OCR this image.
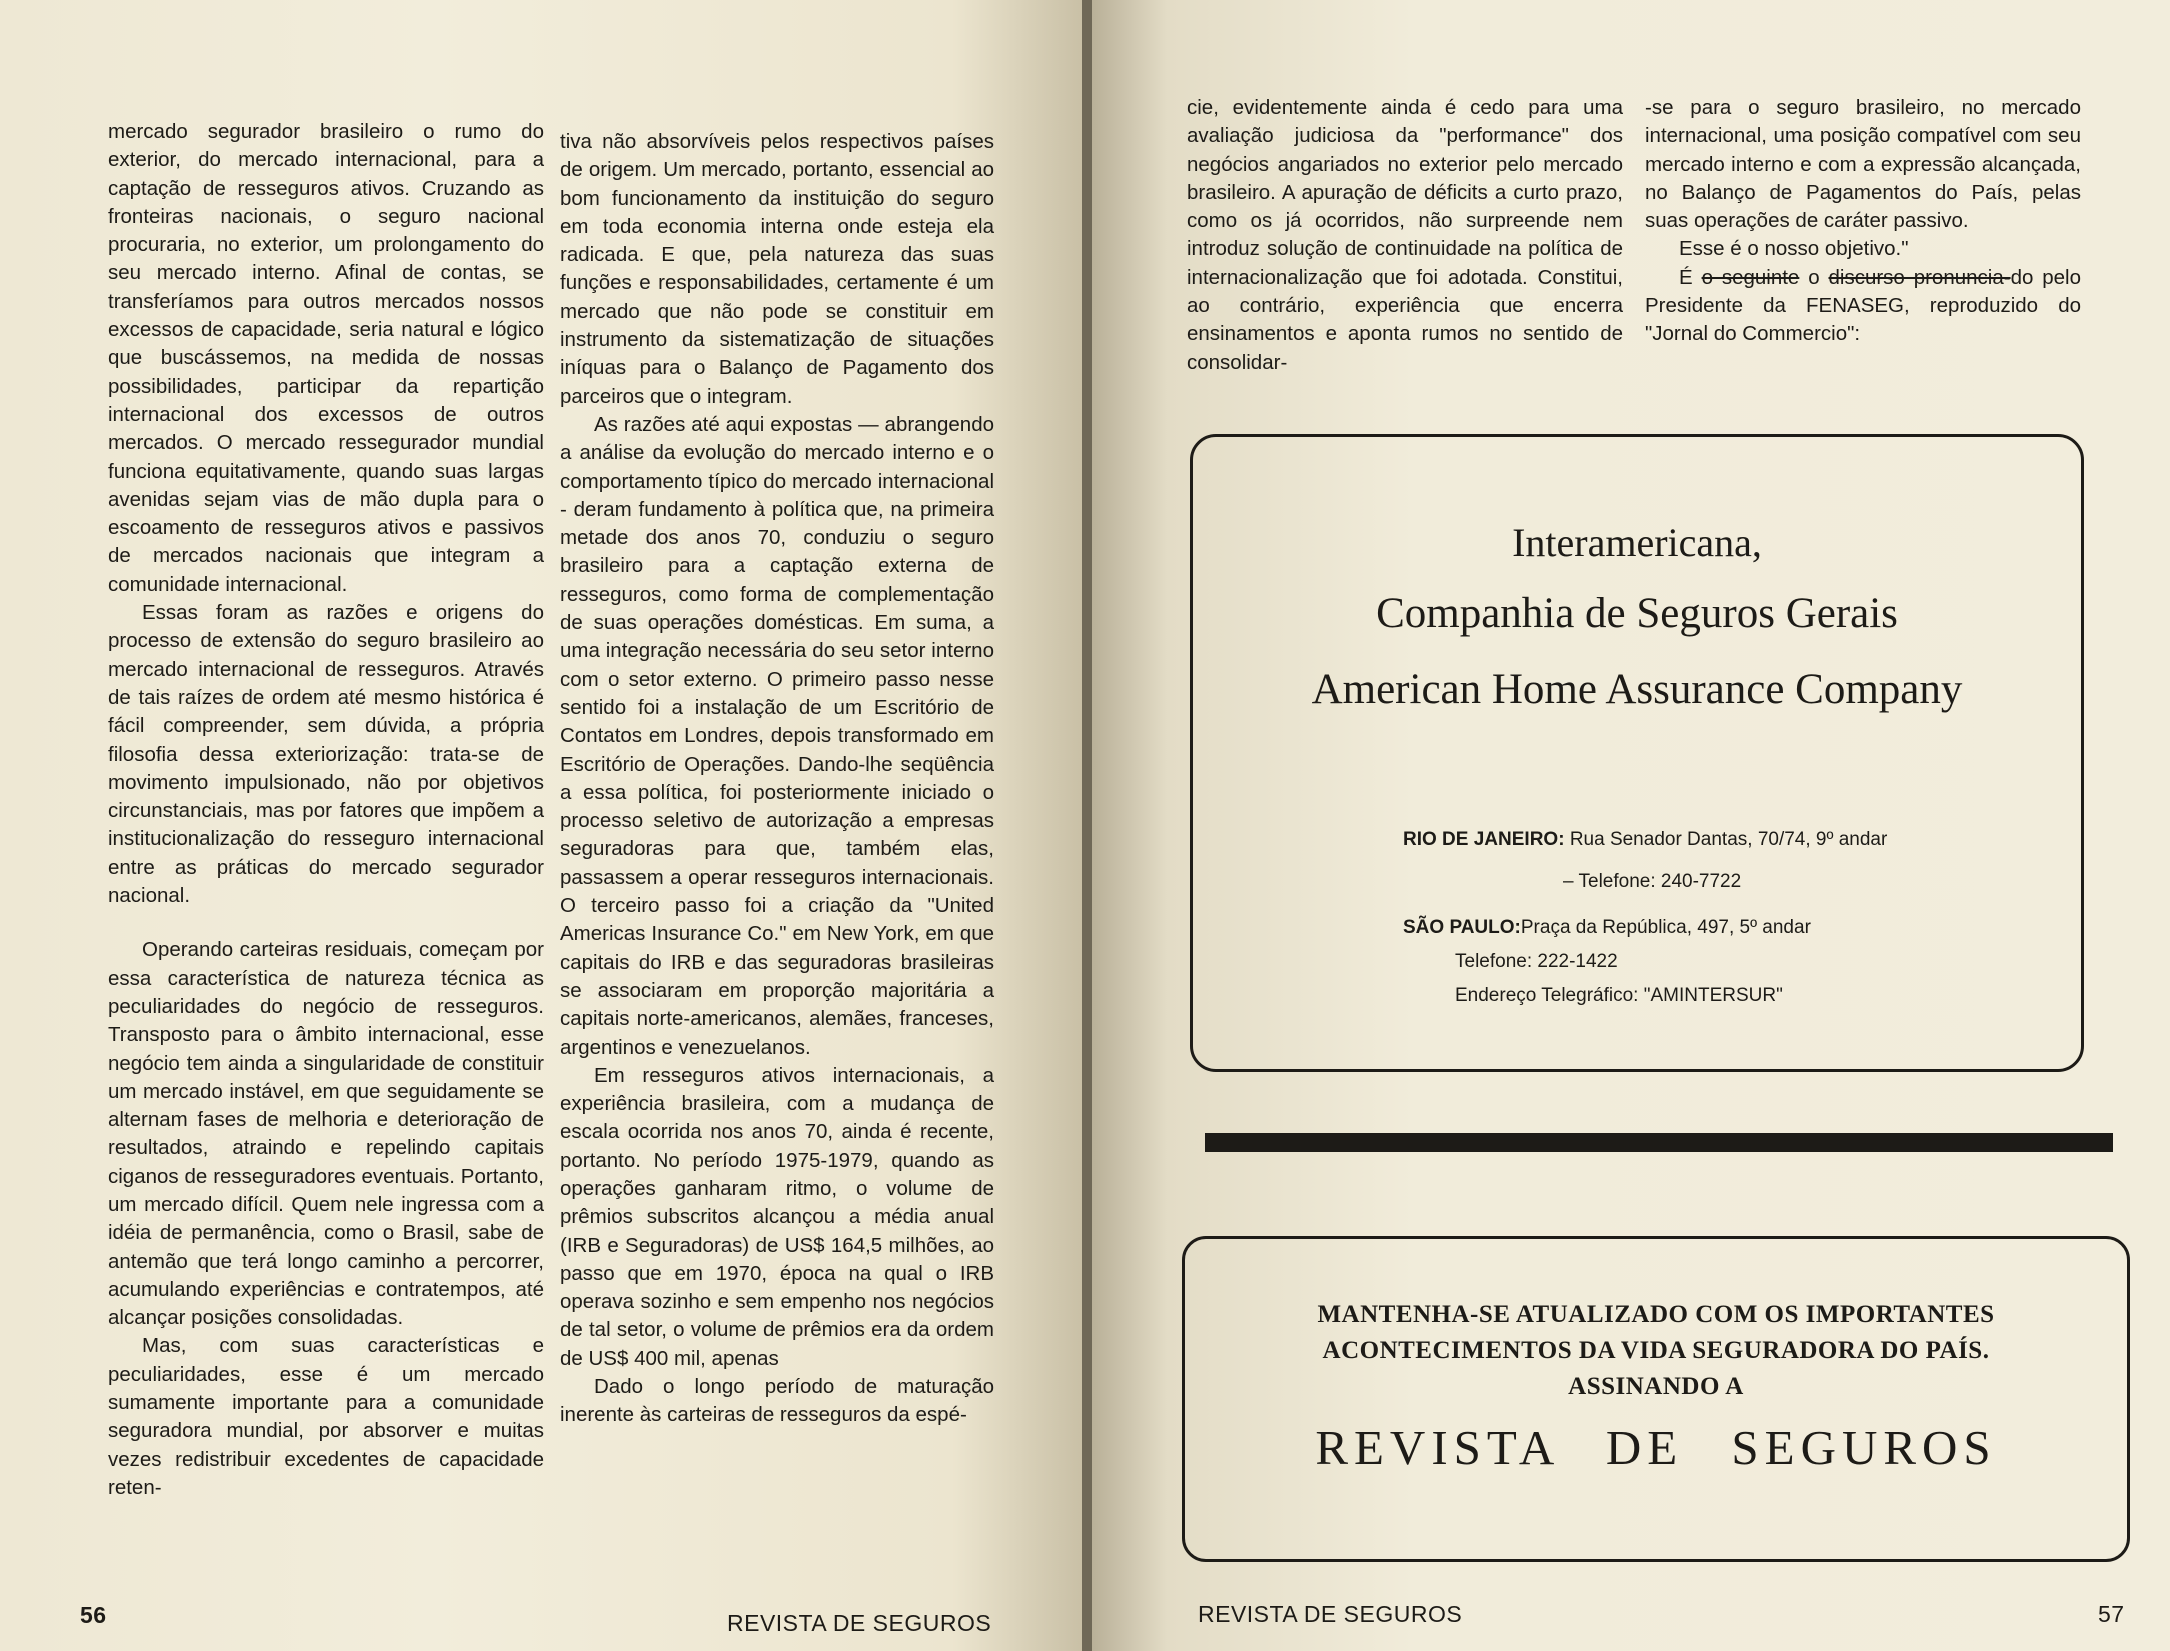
mercado segurador brasileiro o rumo do exterior, do mercado internacional, para a captação de resseguros ativos. Cruzando as fronteiras nacionais, o seguro nacional procuraria, no exterior, um prolongamento do seu mercado interno. Afinal de contas, se transferíamos para outros mercados nossos excessos de capacidade, seria natural e lógico que buscássemos, na medida de nossas possibilidades, participar da repartição internacional dos excessos de outros mercados. O mercado ressegurador mundial funciona equitativamente, quando suas largas avenidas sejam vias de mão dupla para o escoamento de resseguros ativos e passivos de mercados nacionais que integram a comunidade internacional.

Essas foram as razões e origens do processo de extensão do seguro brasileiro ao mercado internacional de resseguros. Através de tais raízes de ordem até mesmo histórica é fácil compreender, sem dúvida, a própria filosofia dessa exteriorização: trata-se de movimento impulsionado, não por objetivos circunstanciais, mas por fatores que impõem a institucionalização do resseguro internacional entre as práticas do mercado segurador nacional.

Operando carteiras residuais, começam por essa característica de natureza técnica as peculiaridades do negócio de resseguros. Transposto para o âmbito internacional, esse negócio tem ainda a singularidade de constituir um mercado instável, em que seguidamente se alternam fases de melhoria e deterioração de resultados, atraindo e repelindo capitais ciganos de resseguradores eventuais. Portanto, um mercado difícil. Quem nele ingressa com a idéia de permanência, como o Brasil, sabe de antemão que terá longo caminho a percorrer, acumulando experiências e contratempos, até alcançar posições consolidadas.

Mas, com suas características e peculiaridades, esse é um mercado sumamente importante para a comunidade seguradora mundial, por absorver e muitas vezes redistribuir excedentes de capacidade reten-

tiva não absorvíveis pelos respectivos países de origem. Um mercado, portanto, essencial ao bom funcionamento da instituição do seguro em toda economia interna onde esteja ela radicada. E que, pela natureza das suas funções e responsabilidades, certamente é um mercado que não pode se constituir em instrumento da sistematização de situações iníquas para o Balanço de Pagamento dos parceiros que o integram.

As razões até aqui expostas — abrangendo a análise da evolução do mercado interno e o comportamento típico do mercado internacional - deram fundamento à política que, na primeira metade dos anos 70, conduziu o seguro brasileiro para a captação externa de resseguros, como forma de complementação de suas operações domésticas. Em suma, a uma integração necessária do seu setor interno com o setor externo. O primeiro passo nesse sentido foi a instalação de um Escritório de Contatos em Londres, depois transformado em Escritório de Operações. Dando-lhe seqüência a essa política, foi posteriormente iniciado o processo seletivo de autorização a empresas seguradoras para que, também elas, passassem a operar resseguros internacionais. O terceiro passo foi a criação da "United Americas Insurance Co." em New York, em que capitais do IRB e das seguradoras brasileiras se associaram em proporção majoritária a capitais norte-americanos, alemães, franceses, argentinos e venezuelanos.

Em resseguros ativos internacionais, a experiência brasileira, com a mudança de escala ocorrida nos anos 70, ainda é recente, portanto. No período 1975-1979, quando as operações ganharam ritmo, o volume de prêmios subscritos alcançou a média anual (IRB e Seguradoras) de US$ 164,5 milhões, ao passo que em 1970, época na qual o IRB operava sozinho e sem empenho nos negócios de tal setor, o volume de prêmios era da ordem de US$ 400 mil, apenas

Dado o longo período de maturação inerente às carteiras de resseguros da espé-

56	REVISTA DE SEGUROS

cie, evidentemente ainda é cedo para uma avaliação judiciosa da "performance" dos negócios angariados no exterior pelo mercado brasileiro. A apuração de déficits a curto prazo, como os já ocorridos, não surpreende nem introduz solução de continuidade na política de internacionalização que foi adotada. Constitui, ao contrário, experiência que encerra ensinamentos e aponta rumos no sentido de consolidar-

-se para o seguro brasileiro, no mercado internacional, uma posição compatível com seu mercado interno e com a expressão alcançada, no Balanço de Pagamentos do País, pelas suas operações de caráter passivo.

Esse é o nosso objetivo."

É o seguinte o discurso pronuncia-do pelo Presidente da FENASEG, reproduzido do "Jornal do Commercio":

Interamericana,
Companhia de Seguros Gerais
American Home Assurance Company
RIO DE JANEIRO: Rua Senador Dantas, 70/74, 9º andar
– Telefone: 240-7722
SÃO PAULO:Praça da República, 497, 5º andar
Telefone: 222-1422
Endereço Telegráfico: "AMINTERSUR"
MANTENHA-SE ATUALIZADO COM OS IMPORTANTES
ACONTECIMENTOS DA VIDA SEGURADORA DO PAÍS.
ASSINANDO A
REVISTA DE SEGUROS
REVISTA DE SEGUROS	57
